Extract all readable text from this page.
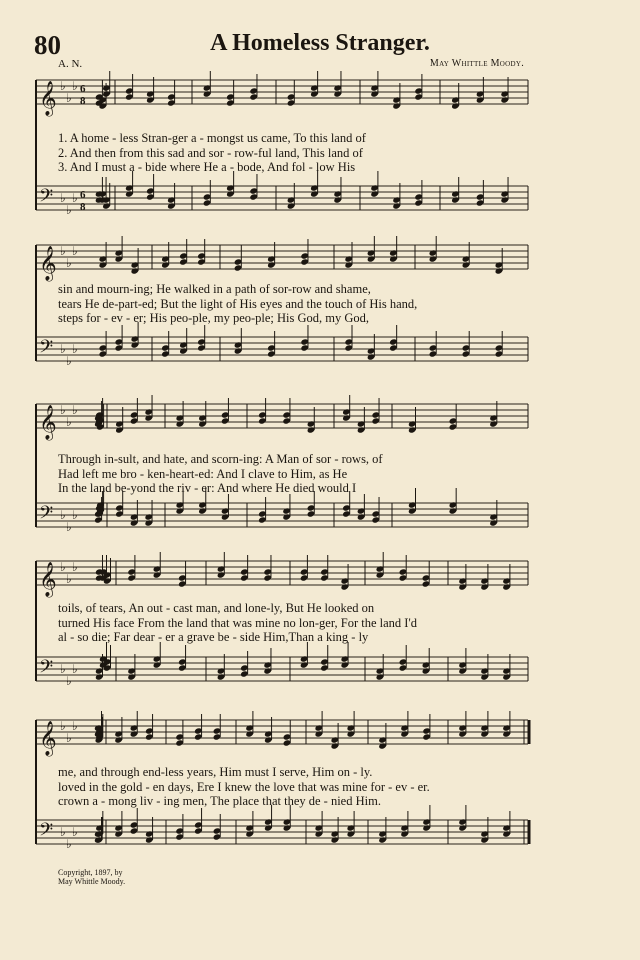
80	A Homeless Stranger.
A. N.	May Whittle Moody.
𝄞
𝄢
♭
♭
♭
♭
♭
♭
6
8
6
8
𝄞
𝄢
♭
♭
♭
♭
♭
♭
𝄞
𝄢
♭
♭
♭
♭
♭
♭
𝄞
𝄢
♭
♭
♭
♭
♭
♭
𝄞
𝄢
♭
♭
♭
♭
♭
♭
1. A home - less Stran-ger a - mongst us came, To this land of
2. And then from this sad and sor - row-ful land, This land of
3. And I must a - bide where He a - bode, And fol - low His
sin and mourn-ing; He walked in a path of sor-row and shame,
tears He de-part-ed; But the light of His eyes and the touch of His hand,
steps for - ev - er; His peo-ple, my peo-ple; His God, my God,
Through in-sult, and hate, and scorn-ing: A Man of sor - rows, of
Had left me bro - ken-heart-ed: And I clave to Him, as He
In the land be-yond the riv - er: And where He died would I
toils, of tears, An out - cast man, and lone-ly, But He looked on
turned His face From the land that was mine no lon-ger, For the land I'd
al - so die; Far dear - er a grave be - side Him,Than a king - ly
me, and through end-less years, Him must I serve, Him on - ly.
loved in the gold - en days, Ere I knew the love that was mine for - ev - er.
crown a - mong liv - ing men, The place that they de - nied Him.
Copyright, 1897, by
May Whittle Moody.
